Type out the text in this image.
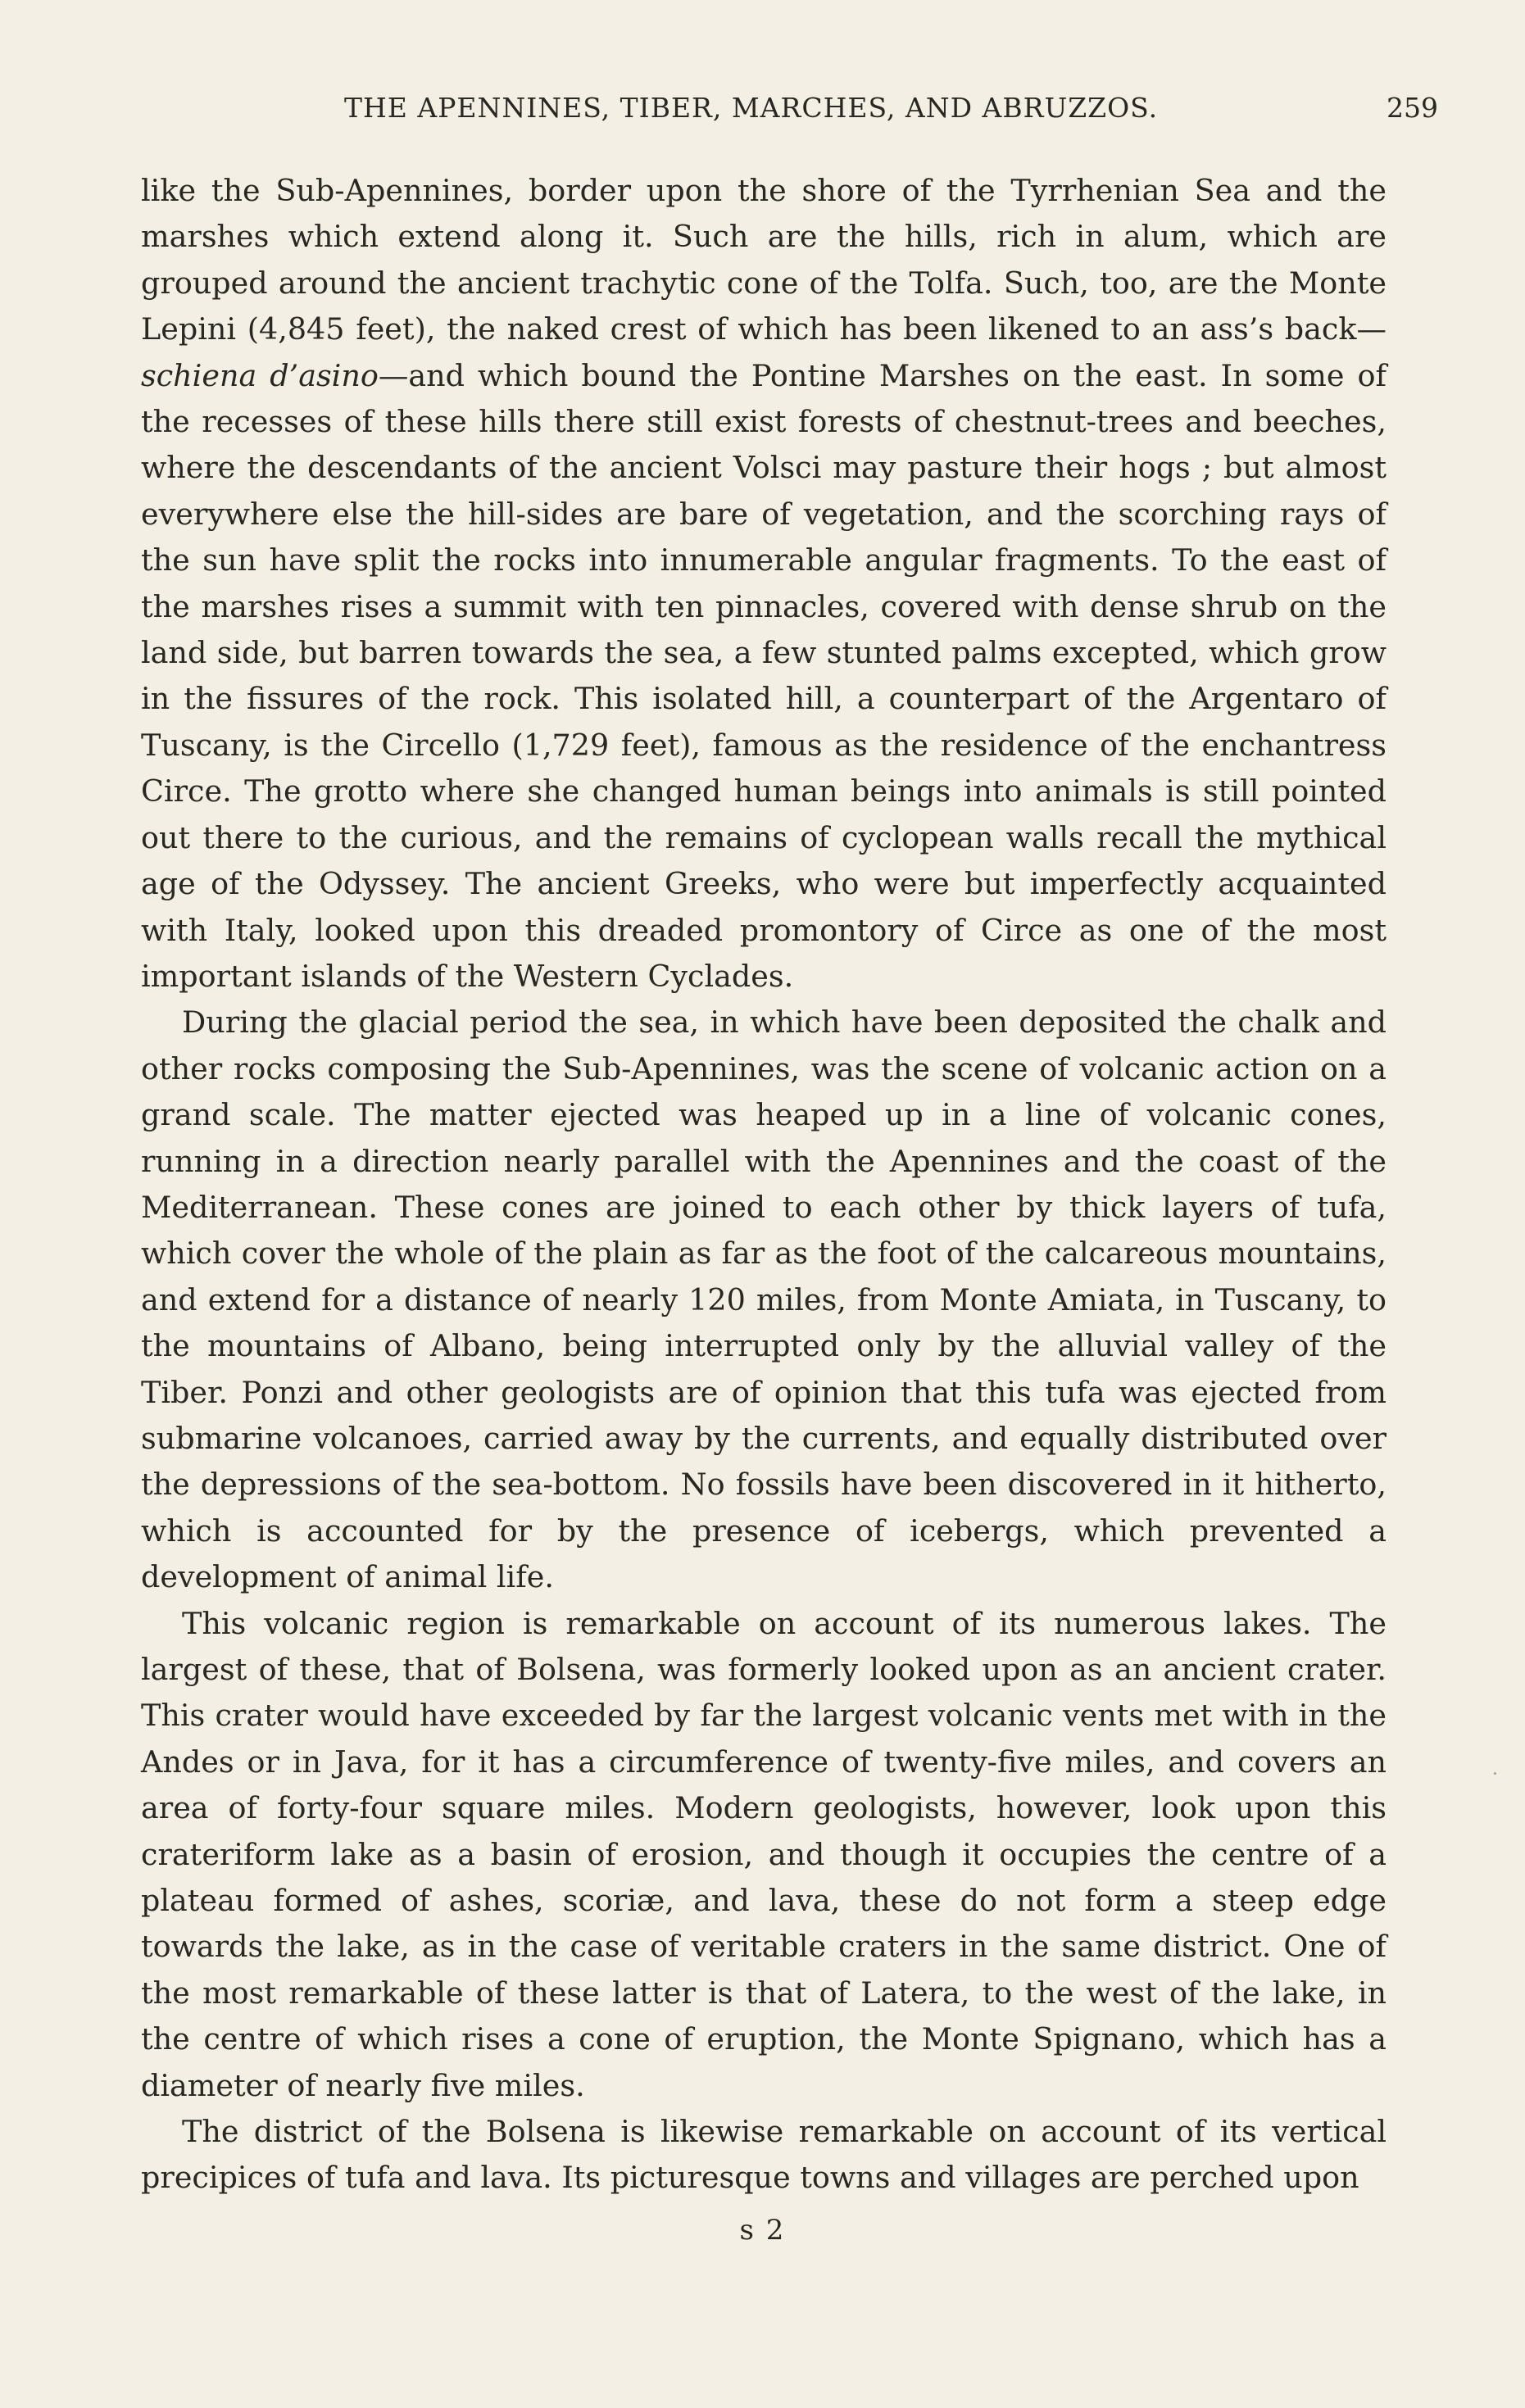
THE APENNINES, TIBER, MARCHES, AND ABRUZZOS.	259

like the Sub-Apennines, border upon the shore of the Tyrrhenian Sea and the marshes which extend along it. Such are the hills, rich in alum, which are grouped around the ancient trachytic cone of the Tolfa. Such, too, are the Monte Lepini (4,845 feet), the naked crest of which has been likened to an ass’s back—schiena d’asino—and which bound the Pontine Marshes on the east. In some of the recesses of these hills there still exist forests of chestnut-trees and beeches, where the descendants of the ancient Volsci may pasture their hogs ; but almost everywhere else the hill-sides are bare of vegetation, and the scorching rays of the sun have split the rocks into innumerable angular fragments. To the east of the marshes rises a summit with ten pinnacles, covered with dense shrub on the land side, but barren towards the sea, a few stunted palms excepted, which grow in the fissures of the rock. This isolated hill, a counterpart of the Argentaro of Tuscany, is the Circello (1,729 feet), famous as the residence of the enchantress Circe. The grotto where she changed human beings into animals is still pointed out there to the curious, and the remains of cyclopean walls recall the mythical age of the Odyssey. The ancient Greeks, who were but imperfectly acquainted with Italy, looked upon this dreaded promontory of Circe as one of the most important islands of the Western Cyclades.

During the glacial period the sea, in which have been deposited the chalk and other rocks composing the Sub-Apennines, was the scene of volcanic action on a grand scale. The matter ejected was heaped up in a line of volcanic cones, running in a direction nearly parallel with the Apennines and the coast of the Mediterranean. These cones are joined to each other by thick layers of tufa, which cover the whole of the plain as far as the foot of the calcareous mountains, and extend for a distance of nearly 120 miles, from Monte Amiata, in Tuscany, to the mountains of Albano, being interrupted only by the alluvial valley of the Tiber. Ponzi and other geologists are of opinion that this tufa was ejected from submarine volcanoes, carried away by the currents, and equally distributed over the depressions of the sea-bottom. No fossils have been discovered in it hitherto, which is accounted for by the presence of icebergs, which prevented a development of animal life.

This volcanic region is remarkable on account of its numerous lakes. The largest of these, that of Bolsena, was formerly looked upon as an ancient crater. This crater would have exceeded by far the largest volcanic vents met with in the Andes or in Java, for it has a circumference of twenty-five miles, and covers an area of forty-four square miles. Modern geologists, however, look upon this crateriform lake as a basin of erosion, and though it occupies the centre of a plateau formed of ashes, scoriæ, and lava, these do not form a steep edge towards the lake, as in the case of veritable craters in the same district. One of the most remarkable of these latter is that of Latera, to the west of the lake, in the centre of which rises a cone of eruption, the Monte Spignano, which has a diameter of nearly five miles.

The district of the Bolsena is likewise remarkable on account of its vertical precipices of tufa and lava. Its picturesque towns and villages are perched upon

s 2
